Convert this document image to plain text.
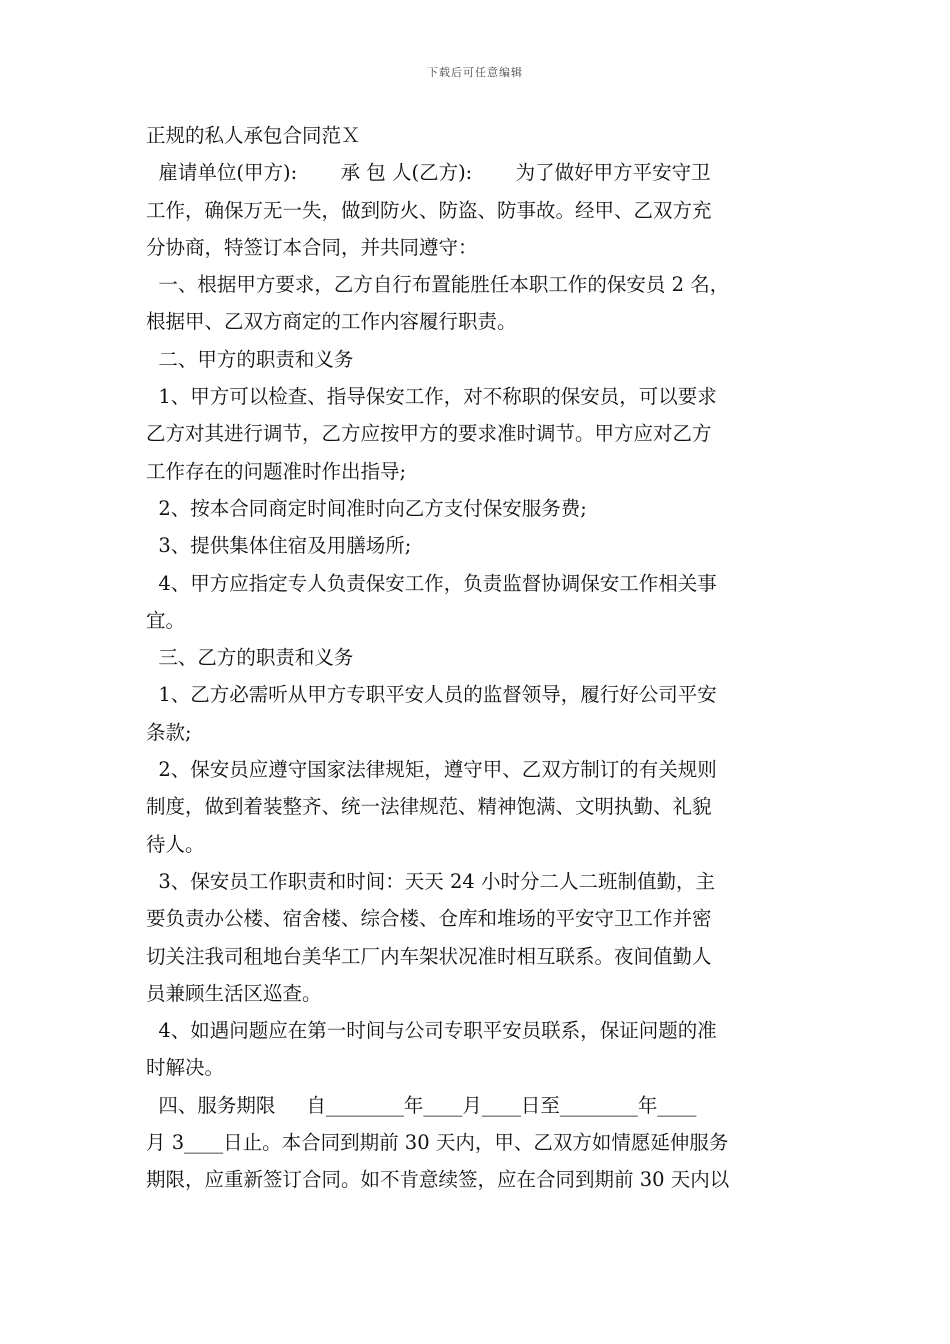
下载后可任意编辑
正规的私人承包合同范Ｘ
雇请单位(甲方):       承 包 人(乙方):       为了做好甲方平安守卫
工作，确保万无一失，做到防火、防盗、防事故。经甲、乙双方充
分协商，特签订本合同，并共同遵守：
一、根据甲方要求，乙方自行布置能胜任本职工作的保安员 2 名，
根据甲、乙双方商定的工作内容履行职责。
二、甲方的职责和义务
1、甲方可以检查、指导保安工作，对不称职的保安员，可以要求
乙方对其进行调节，乙方应按甲方的要求准时调节。甲方应对乙方
工作存在的问题准时作出指导;
2、按本合同商定时间准时向乙方支付保安服务费;
3、提供集体住宿及用膳场所;
4、甲方应指定专人负责保安工作，负责监督协调保安工作相关事
宜。
三、乙方的职责和义务
1、乙方必需听从甲方专职平安人员的监督领导，履行好公司平安
条款;
2、保安员应遵守国家法律规矩，遵守甲、乙双方制订的有关规则
制度，做到着装整齐、统一法律规范、精神饱满、文明执勤、礼貌
待人。
3、保安员工作职责和时间：天天 24 小时分二人二班制值勤，主
要负责办公楼、宿舍楼、综合楼、仓库和堆场的平安守卫工作并密
切关注我司租地台美华工厂内车架状况准时相互联系。夜间值勤人
员兼顾生活区巡查。
4、如遇问题应在第一时间与公司专职平安员联系，保证问题的准
时解决。
四、服务期限     自________年____月____日至________年____
月 3____日止。本合同到期前 30 天内，甲、乙双方如情愿延伸服务
期限，应重新签订合同。如不肯意续签，应在合同到期前 30 天内以
